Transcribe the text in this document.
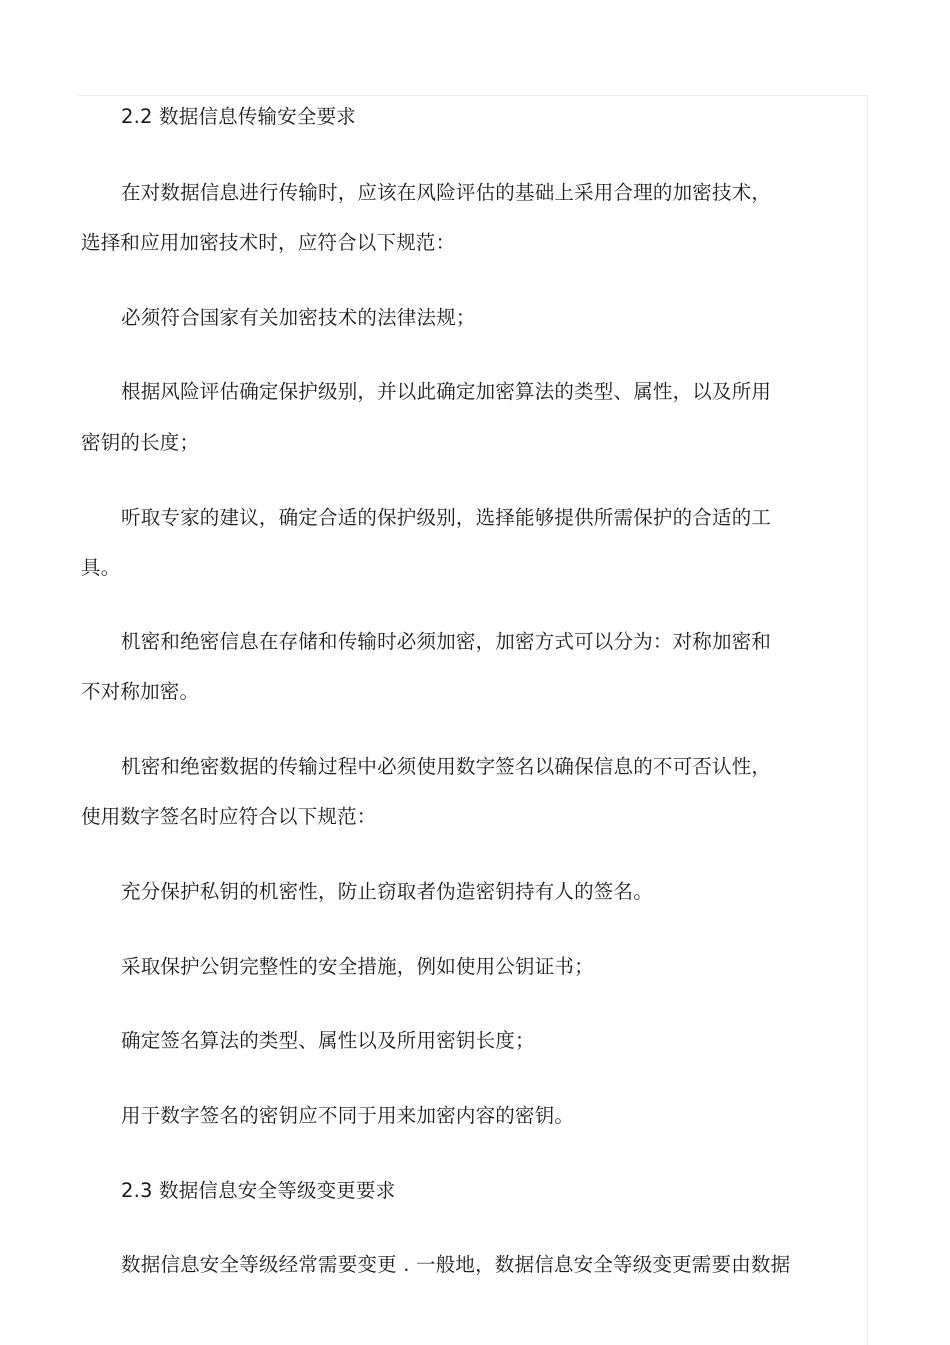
2.2 数据信息传输安全要求
在对数据信息进行传输时，应该在风险评估的基础上采用合理的加密技术，
选择和应用加密技术时，应符合以下规范：
必须符合国家有关加密技术的法律法规；
根据风险评估确定保护级别，并以此确定加密算法的类型、属性，以及所用
密钥的长度；
听取专家的建议，确定合适的保护级别，选择能够提供所需保护的合适的工
具。
机密和绝密信息在存储和传输时必须加密，加密方式可以分为：对称加密和
不对称加密。
机密和绝密数据的传输过程中必须使用数字签名以确保信息的不可否认性，
使用数字签名时应符合以下规范：
充分保护私钥的机密性，防止窃取者伪造密钥持有人的签名。
采取保护公钥完整性的安全措施，例如使用公钥证书；
确定签名算法的类型、属性以及所用密钥长度；
用于数字签名的密钥应不同于用来加密内容的密钥。
2.3 数据信息安全等级变更要求
数据信息安全等级经常需要变更 . 一般地，数据信息安全等级变更需要由数据
